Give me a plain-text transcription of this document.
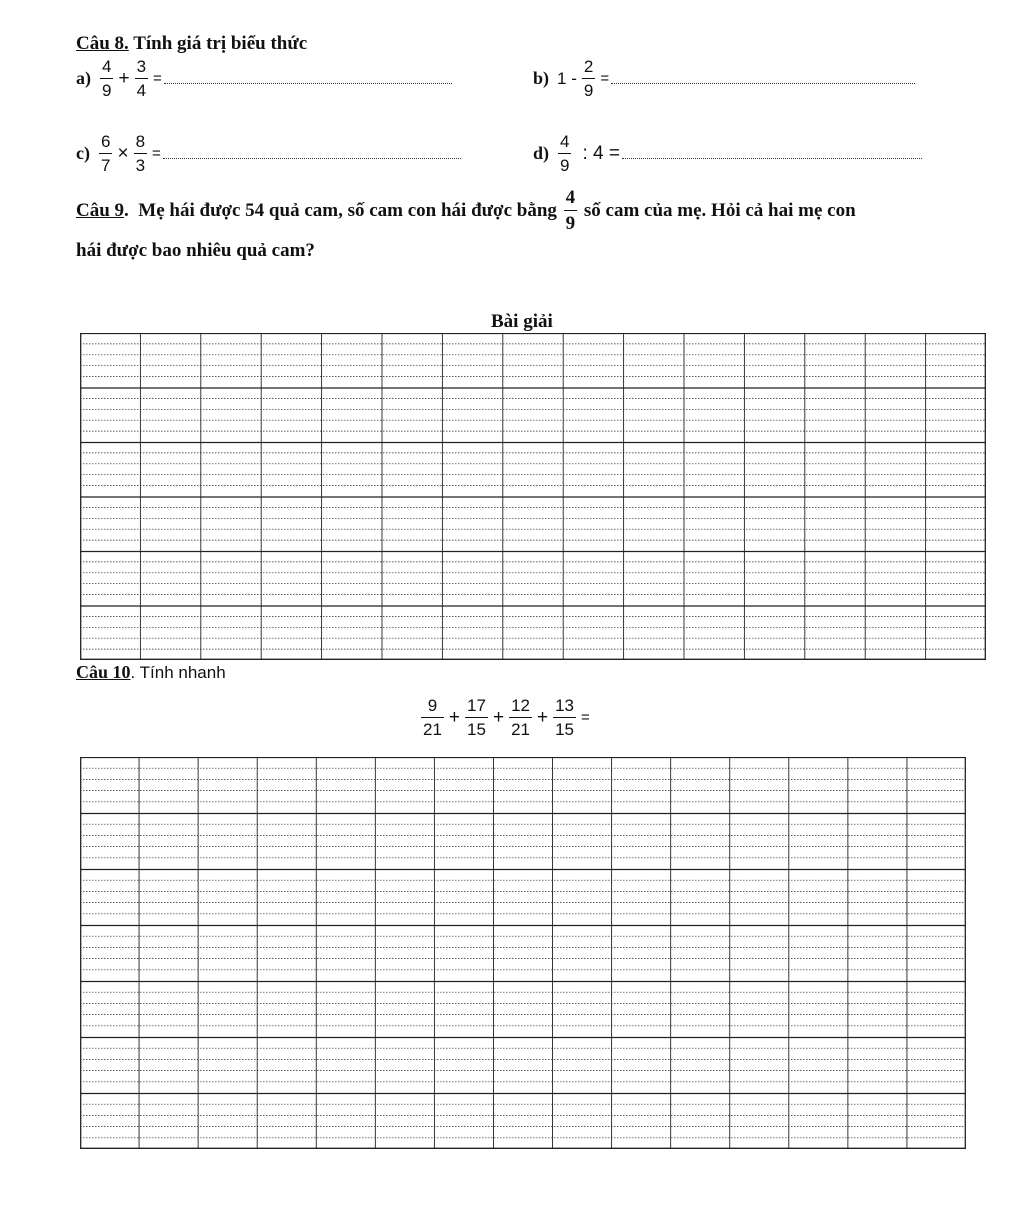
Câu 8. Tính giá trị biểu thức
$a) \frac{4}{9} + \frac{3}{4}$ =	b) $1 - \frac{2}{9}$ =
$c) \frac{6}{7} \times \frac{8}{3}$ =	$d) \frac{4}{9}$ : 4 =
Câu 9 .  Mẹ hái được 54 quả cam, số cam con hái được bằng $\frac{4}{9}$ số cam của mẹ. Hỏi cả hai mẹ con
hái được bao nhiêu quả cam?
Bài giải
Câu 10. Tính nhanh
$\frac{9}{21} + \frac{17}{15} + \frac{12}{21} + \frac{13}{15}$ =
